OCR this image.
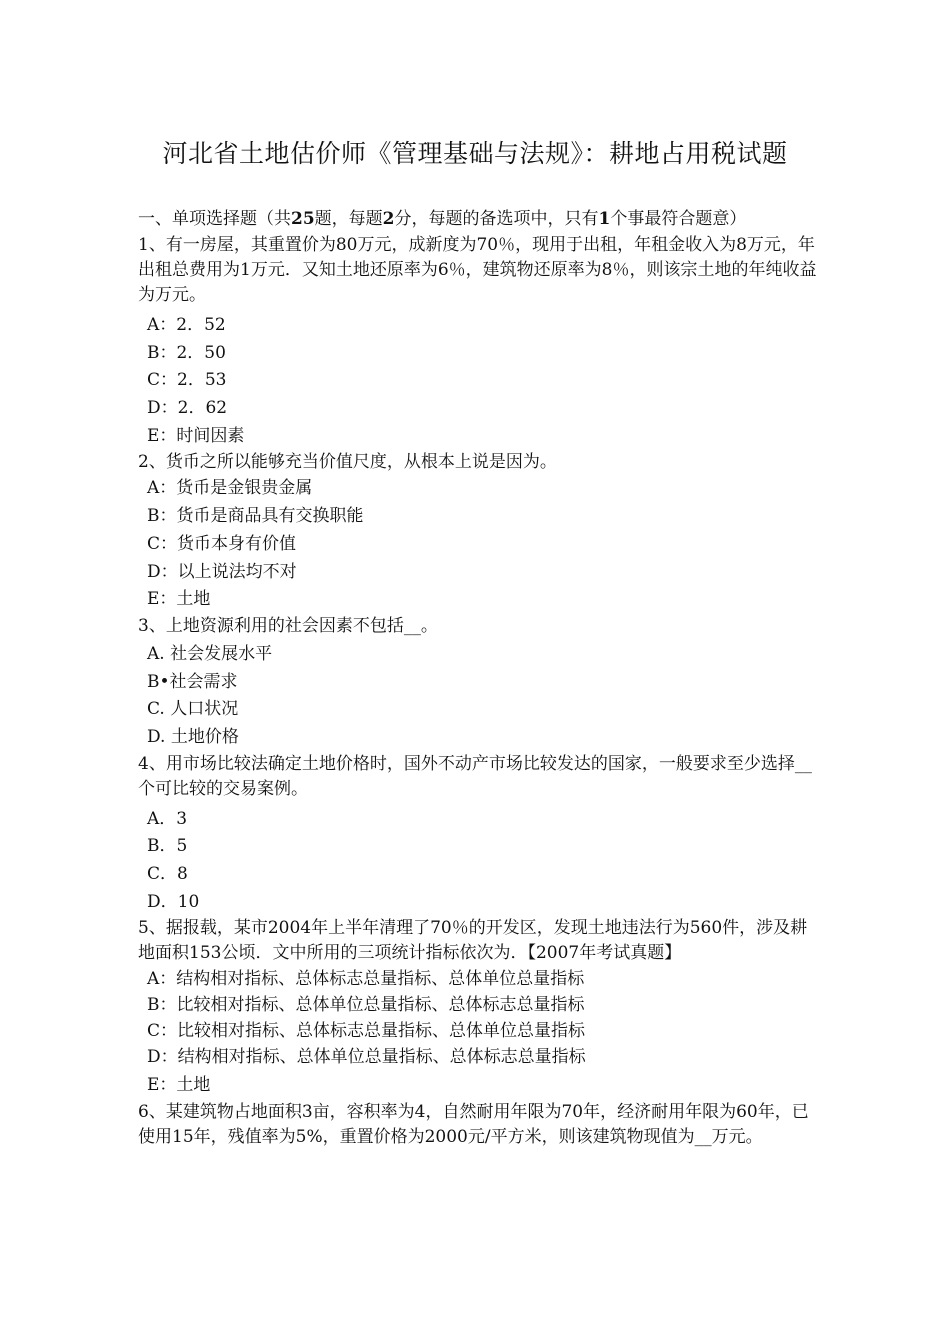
河北省土地估价师《管理基础与法规》：耕地占用税试题

一、单项选择题（共25题，每题2分，每题的备选项中，只有1个事最符合题意）

1、有一房屋，其重置价为80万元，成新度为70％，现用于出租，年租金收入为8万元，年出租总费用为1万元．又知土地还原率为6％，建筑物还原率为8％，则该宗土地的年纯收益为万元。

A：2．52
B：2．50
C：2．53
D：2．62
E：时间因素

2、货币之所以能够充当价值尺度，从根本上说是因为。

A：货币是金银贵金属
B：货币是商品具有交换职能
C：货币本身有价值
D：以上说法均不对
E：土地

3、上地资源利用的社会因素不包括__。

A. 社会发展水平
B•社会需求
C. 人口状况
D. 土地价格

4、用市场比较法确定土地价格时，国外不动产市场比较发达的国家，一般要求至少选择__个可比较的交易案例。

A．3
B．5
C．8
D．10

5、据报载，某市2004年上半年清理了70％的开发区，发现土地违法行为560件，涉及耕地面积153公顷．文中所用的三项统计指标依次为．【2007年考试真题】

A：结构相对指标、总体标志总量指标、总体单位总量指标
B：比较相对指标、总体单位总量指标、总体标志总量指标
C：比较相对指标、总体标志总量指标、总体单位总量指标
D：结构相对指标、总体单位总量指标、总体标志总量指标
E：土地

6、某建筑物占地面积3亩，容积率为4，自然耐用年限为70年，经济耐用年限为60年，已使用15年，残值率为5%，重置价格为2000元/平方米，则该建筑物现值为__万元。
